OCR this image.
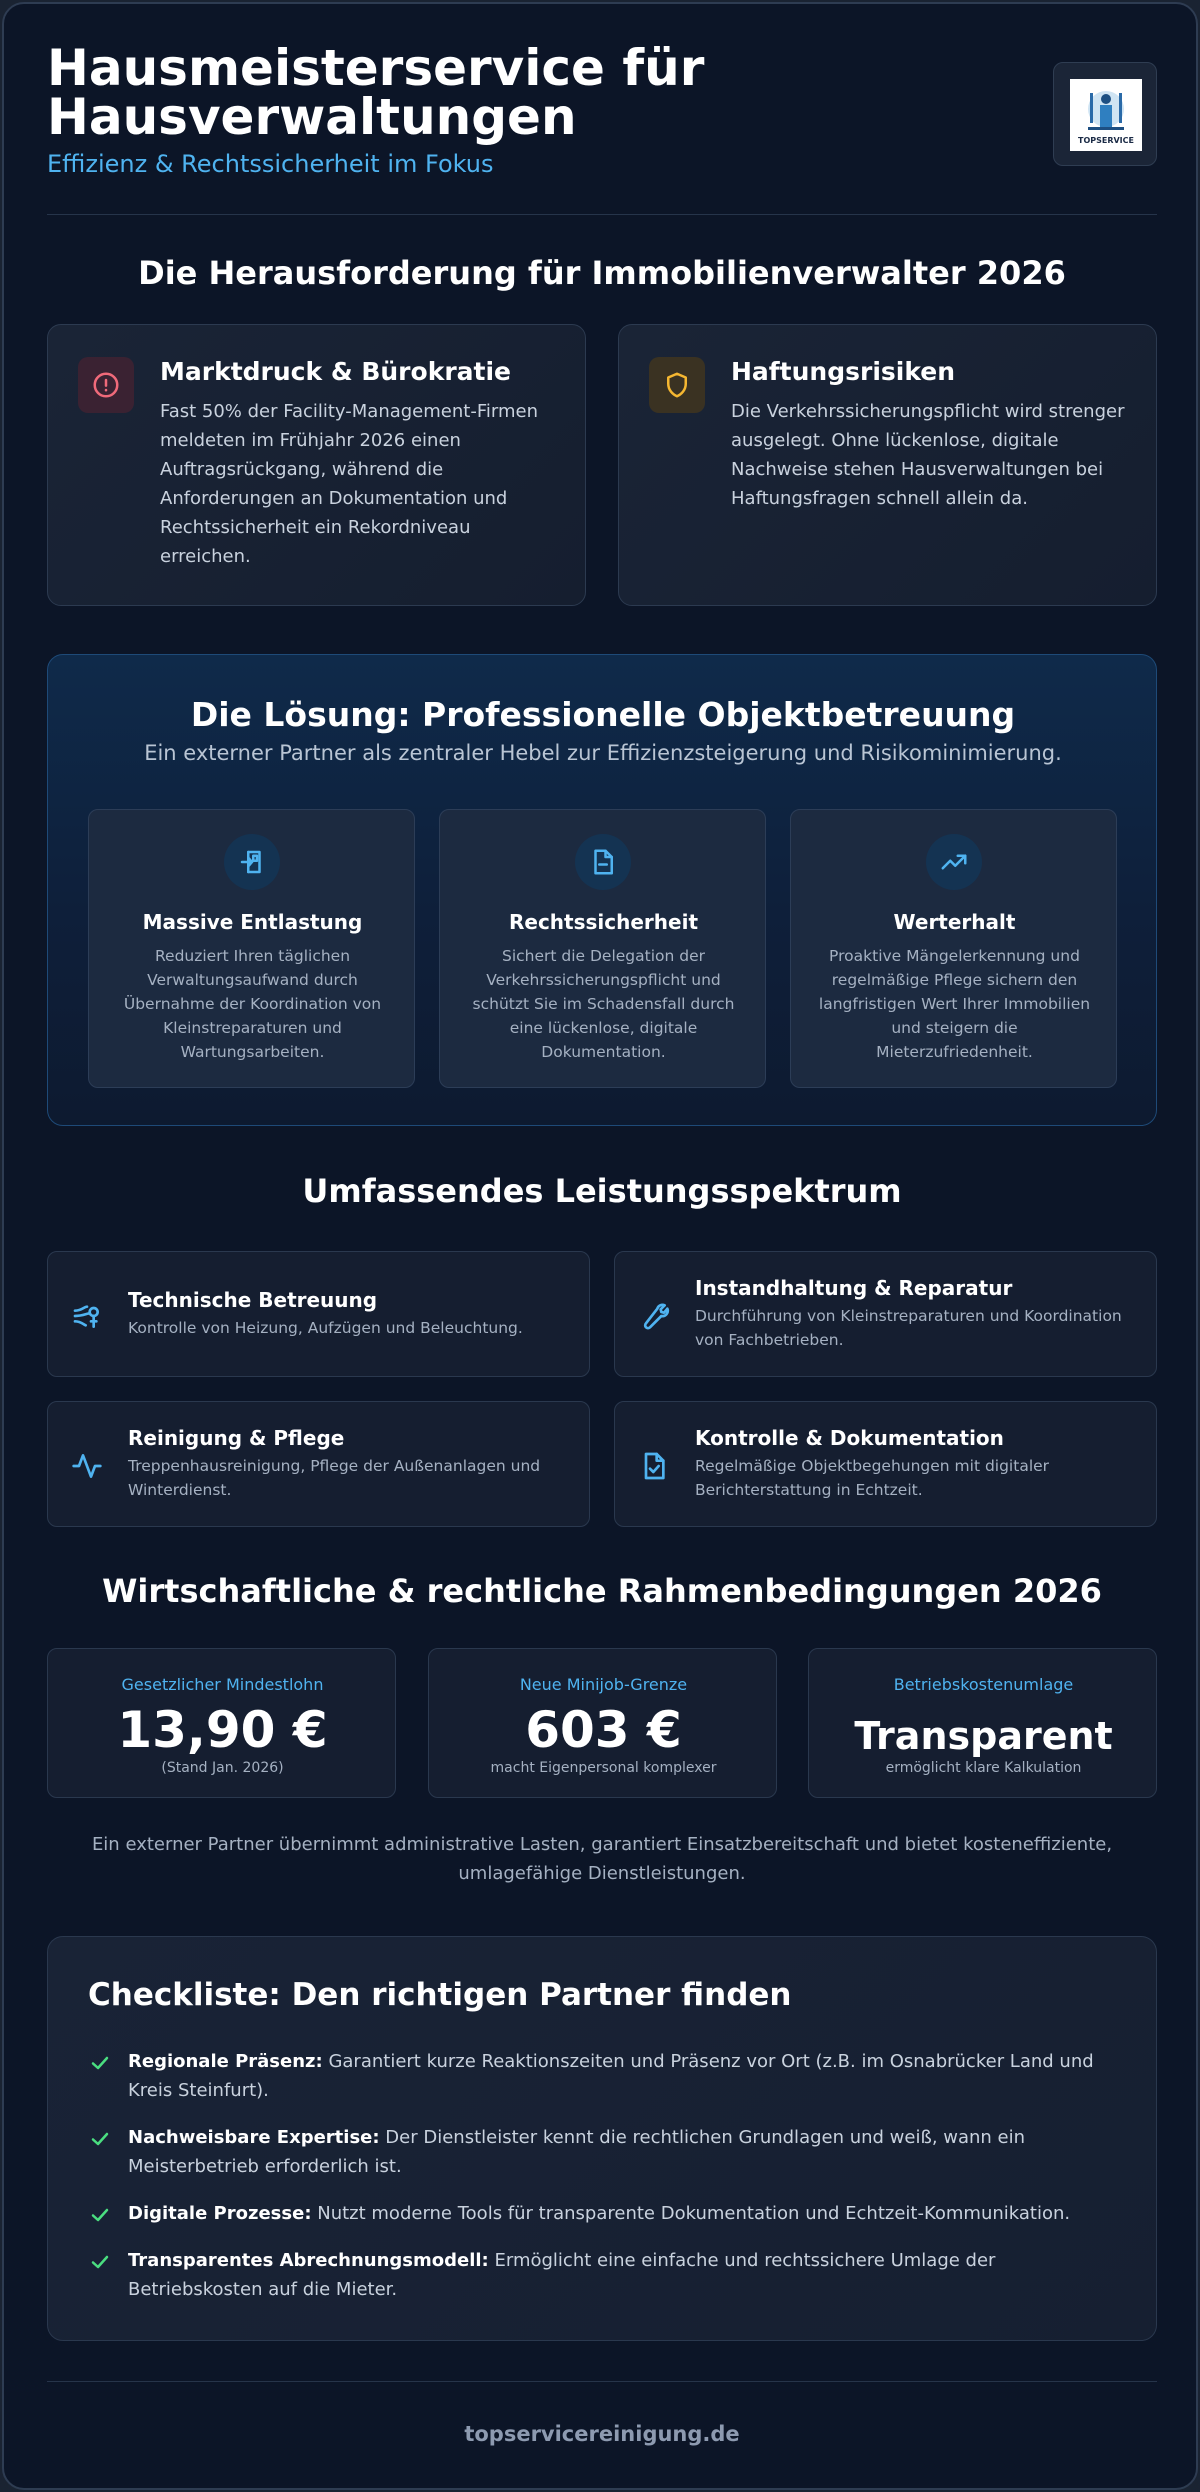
Hausmeisterservice für Hausverwaltungen
Effizienz & Rechtssicherheit im Fokus
TOPSERVICE
Die Herausforderung für Immobilienverwalter 2026
Marktdruck & Bürokratie
Fast 50% der Facility-Management-Firmen meldeten im Frühjahr 2026 einen Auftragsrückgang, während die Anforderungen an Dokumentation und Rechtssicherheit ein Rekordniveau erreichen.
Haftungsrisiken
Die Verkehrssicherungspflicht wird strenger ausgelegt. Ohne lückenlose, digitale Nachweise stehen Hausverwaltungen bei Haftungsfragen schnell allein da.
Die Lösung: Professionelle Objektbetreuung
Ein externer Partner als zentraler Hebel zur Effizienzsteigerung und Risikominimierung.
Massive Entlastung
Reduziert Ihren täglichen Verwaltungsaufwand durch Übernahme der Koordination von Kleinstreparaturen und Wartungsarbeiten.
Rechtssicherheit
Sichert die Delegation der Verkehrssicherungspflicht und schützt Sie im Schadensfall durch eine lückenlose, digitale Dokumentation.
Werterhalt
Proaktive Mängelerkennung und regelmäßige Pflege sichern den langfristigen Wert Ihrer Immobilien und steigern die Mieterzufriedenheit.
Umfassendes Leistungsspektrum
Technische Betreuung
Kontrolle von Heizung, Aufzügen und Beleuchtung.
Instandhaltung & Reparatur
Durchführung von Kleinstreparaturen und Koordination von Fachbetrieben.
Reinigung & Pflege
Treppenhausreinigung, Pflege der Außenanlagen und Winterdienst.
Kontrolle & Dokumentation
Regelmäßige Objektbegehungen mit digitaler Berichterstattung in Echtzeit.
Wirtschaftliche & rechtliche Rahmenbedingungen 2026
Gesetzlicher Mindestlohn
13,90 €
(Stand Jan. 2026)
Neue Minijob-Grenze
603 €
macht Eigenpersonal komplexer
Betriebskostenumlage
Transparent
ermöglicht klare Kalkulation
Ein externer Partner übernimmt administrative Lasten, garantiert Einsatzbereitschaft und bietet kosteneffiziente, umlagefähige Dienstleistungen.
Checkliste: Den richtigen Partner finden
Regionale Präsenz: Garantiert kurze Reaktionszeiten und Präsenz vor Ort (z.B. im Osnabrücker Land und Kreis Steinfurt).
Nachweisbare Expertise: Der Dienstleister kennt die rechtlichen Grundlagen und weiß, wann ein Meisterbetrieb erforderlich ist.
Digitale Prozesse: Nutzt moderne Tools für transparente Dokumentation und Echtzeit-Kommunikation.
Transparentes Abrechnungsmodell: Ermöglicht eine einfache und rechtssichere Umlage der Betriebskosten auf die Mieter.
topservicereinigung.de
